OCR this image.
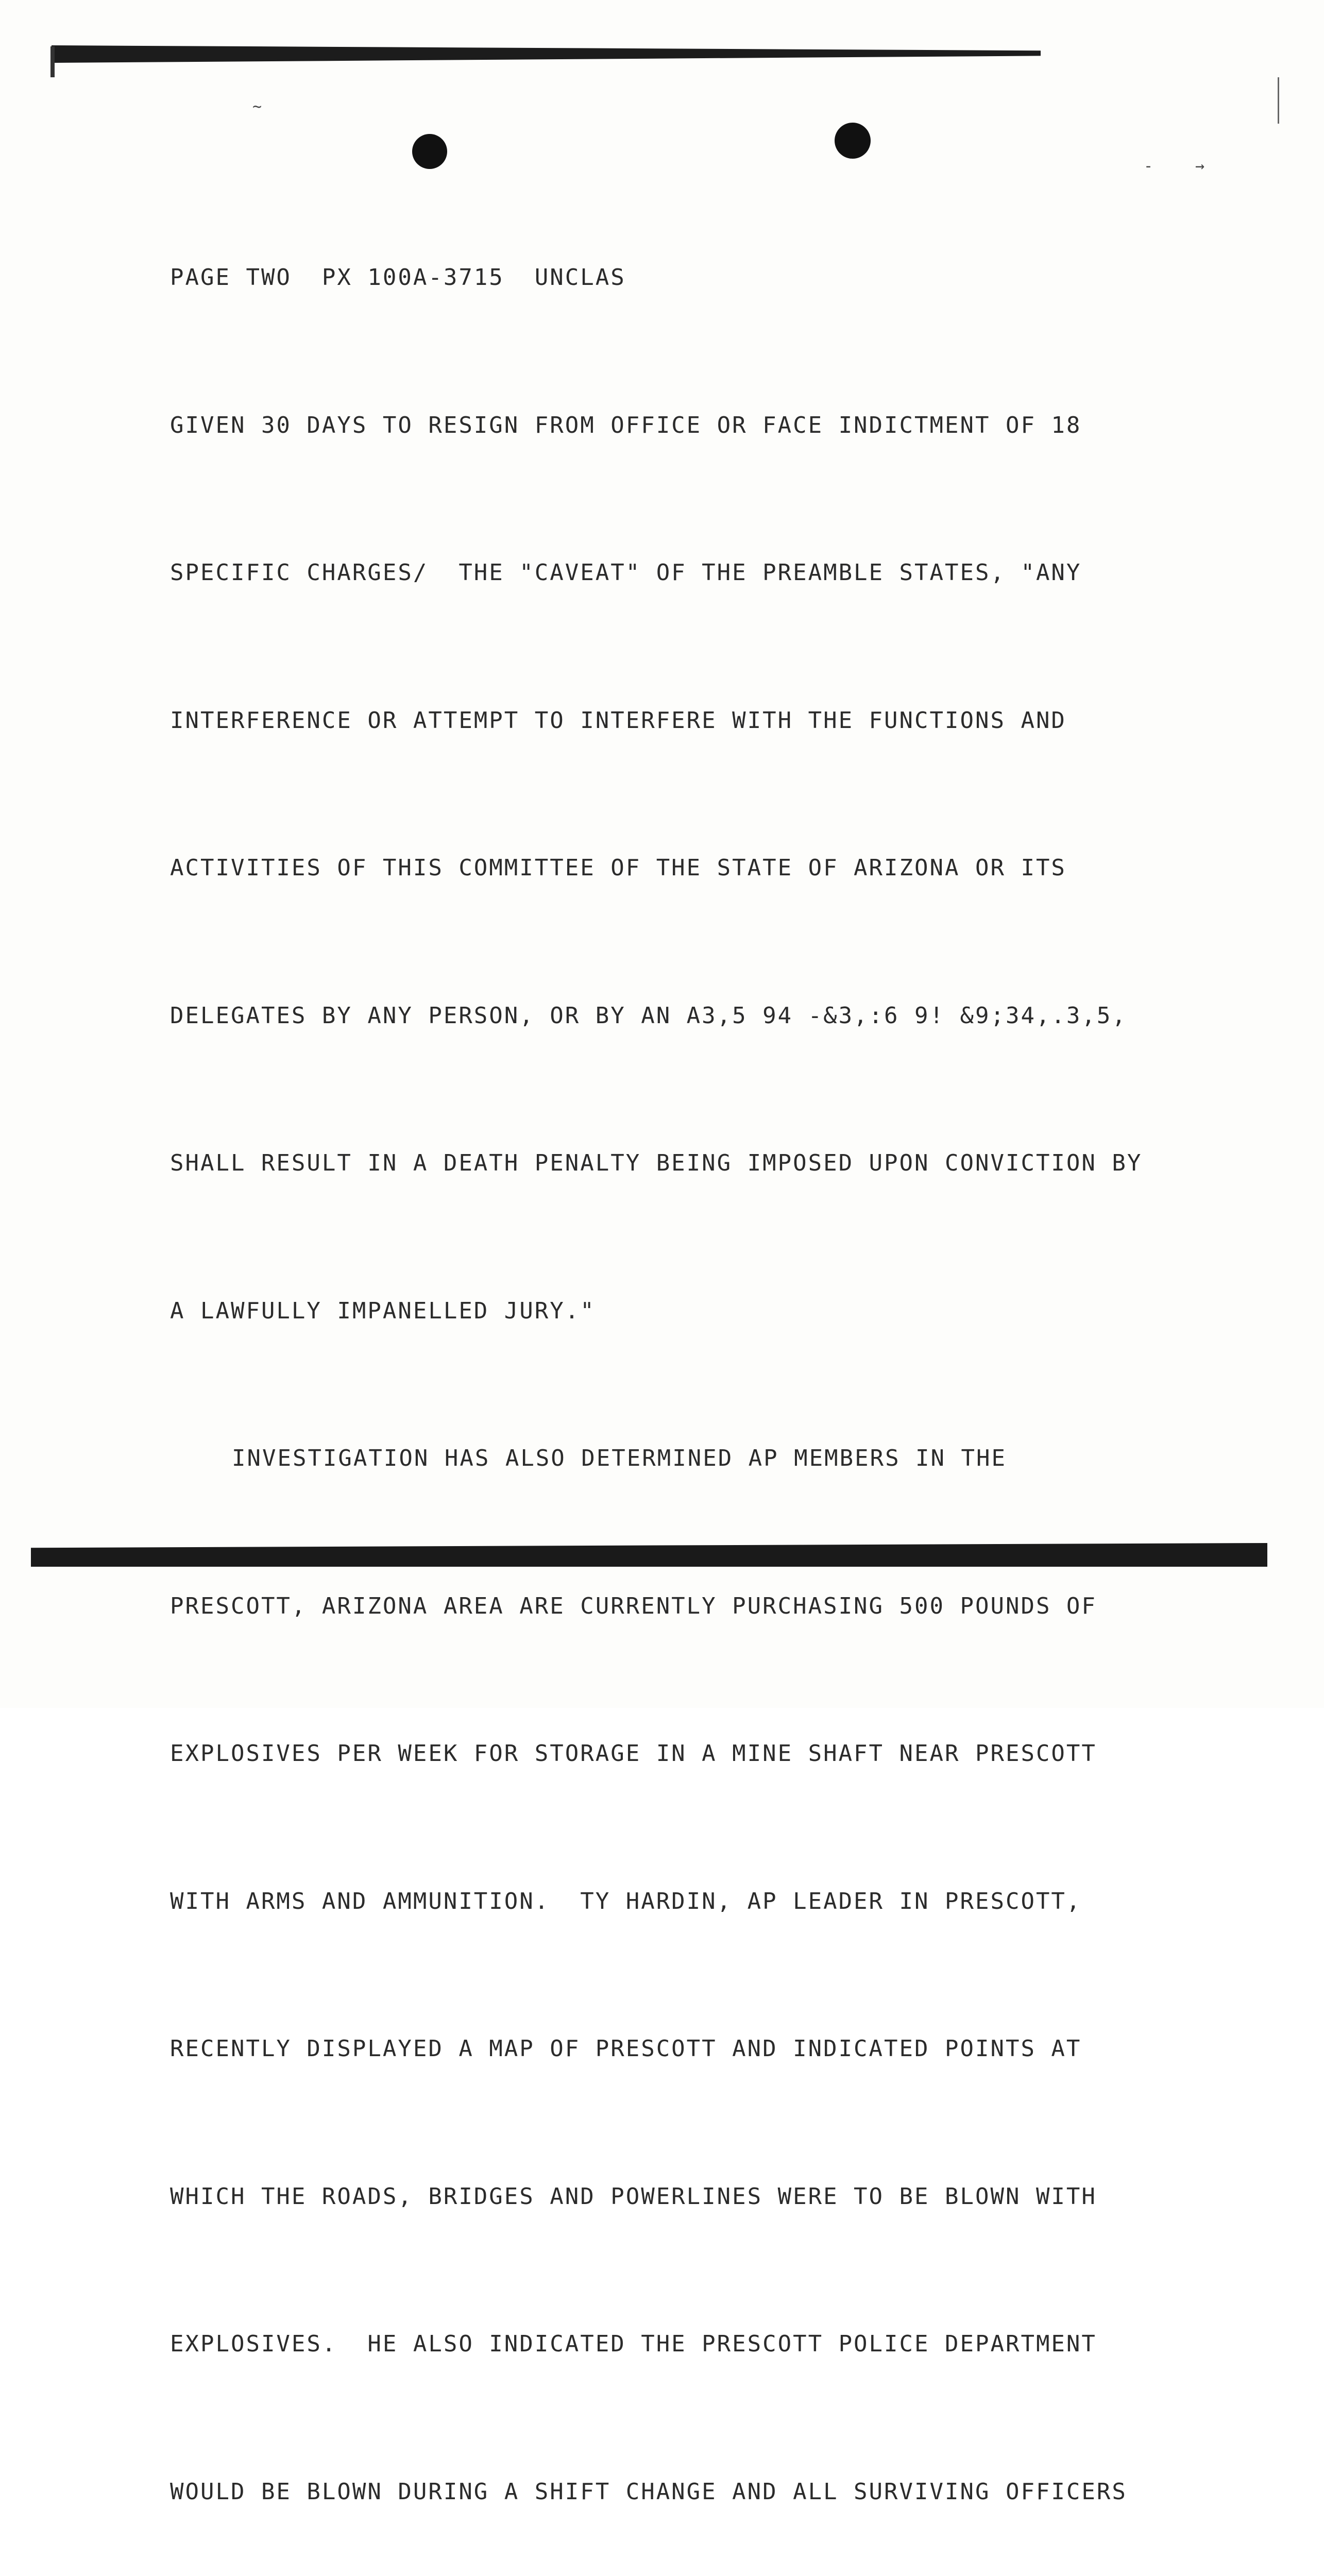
~
-	→

PAGE TWO  PX 100A-3715  UNCLAS

GIVEN 30 DAYS TO RESIGN FROM OFFICE OR FACE INDICTMENT OF 18

SPECIFIC CHARGES/  THE "CAVEAT" OF THE PREAMBLE STATES, "ANY

INTERFERENCE OR ATTEMPT TO INTERFERE WITH THE FUNCTIONS AND

ACTIVITIES OF THIS COMMITTEE OF THE STATE OF ARIZONA OR ITS

DELEGATES BY ANY PERSON, OR BY AN A3,5 94 -&3,:6 9! &9;34,.3,5,

SHALL RESULT IN A DEATH PENALTY BEING IMPOSED UPON CONVICTION BY

A LAWFULLY IMPANELLED JURY."

INVESTIGATION HAS ALSO DETERMINED AP MEMBERS IN THE

PRESCOTT, ARIZONA AREA ARE CURRENTLY PURCHASING 500 POUNDS OF

EXPLOSIVES PER WEEK FOR STORAGE IN A MINE SHAFT NEAR PRESCOTT

WITH ARMS AND AMMUNITION.  TY HARDIN, AP LEADER IN PRESCOTT,

RECENTLY DISPLAYED A MAP OF PRESCOTT AND INDICATED POINTS AT

WHICH THE ROADS, BRIDGES AND POWERLINES WERE TO BE BLOWN WITH

EXPLOSIVES.  HE ALSO INDICATED THE PRESCOTT POLICE DEPARTMENT

WOULD BE BLOWN DURING A SHIFT CHANGE AND ALL SURVIVING OFFICERS
